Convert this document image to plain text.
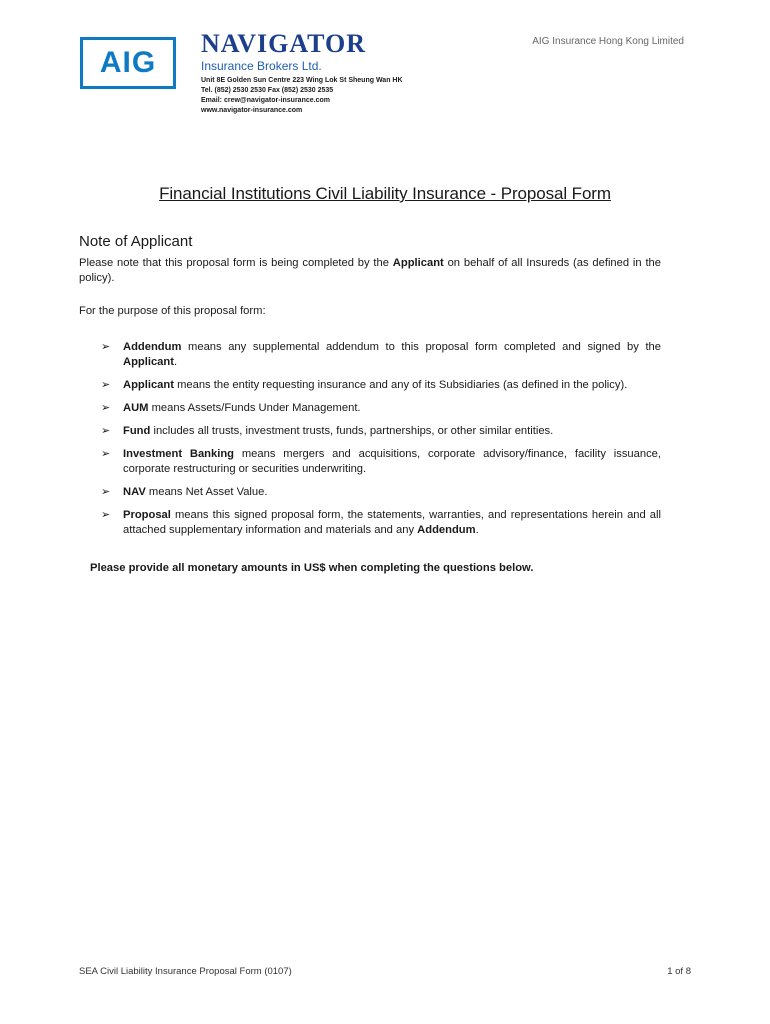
AIG
NAVIGATOR
Insurance Brokers Ltd.
Unit 8E Golden Sun Centre 223 Wing Lok St Sheung Wan HK
Tel. (852) 2530 2530 Fax (852) 2530 2535
Email: crew@navigator-insurance.com
www.navigator-insurance.com
AIG Insurance Hong Kong Limited
Financial Institutions Civil Liability Insurance - Proposal Form
Note of Applicant

Please note that this proposal form is being completed by the Applicant on behalf of all Insureds (as defined in the policy).

For the purpose of this proposal form:

➢ Addendum means any supplemental addendum to this proposal form completed and signed by the Applicant.
➢ Applicant means the entity requesting insurance and any of its Subsidiaries (as defined in the policy).
➢ AUM means Assets/Funds Under Management.
➢ Fund includes all trusts, investment trusts, funds, partnerships, or other similar entities.
➢ Investment Banking means mergers and acquisitions, corporate advisory/finance, facility issuance, corporate restructuring or securities underwriting.
➢ NAV means Net Asset Value.
➢ Proposal means this signed proposal form, the statements, warranties, and representations herein and all attached supplementary information and materials and any Addendum.
Please provide all monetary amounts in US$ when completing the questions below.
SEA Civil Liability Insurance Proposal Form (0107)	1 of 8
